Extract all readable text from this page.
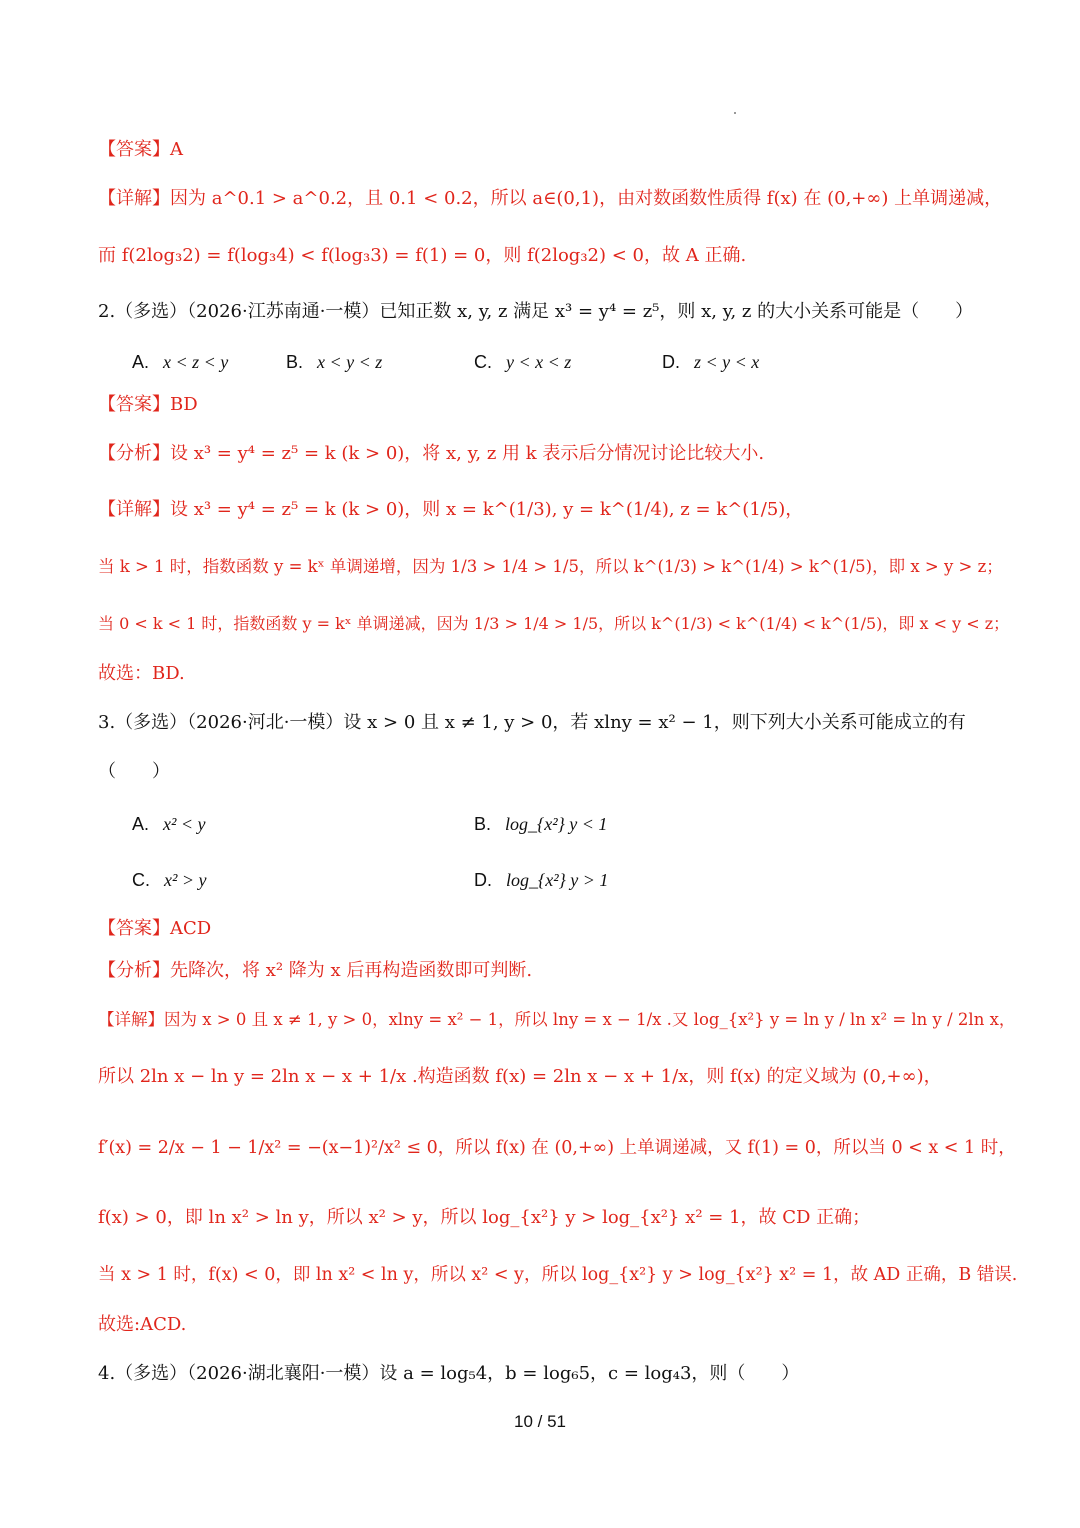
【答案】A
【详解】因为 a^0.1 > a^0.2，且 0.1 < 0.2，所以 a∈(0,1)，由对数函数性质得 f(x) 在 (0,+∞) 上单调递减，
而 f(2log₃2) = f(log₃4) < f(log₃3) = f(1) = 0，则 f(2log₃2) < 0，故 A 正确.
2.（多选）（2026·江苏南通·一模）已知正数 x, y, z 满足 x³ = y⁴ = z⁵，则 x, y, z 的大小关系可能是（　　）
A. x < z < y	B. x < y < z	C. y < x < z	D. z < y < x
【答案】BD
【分析】设 x³ = y⁴ = z⁵ = k (k > 0)，将 x, y, z 用 k 表示后分情况讨论比较大小.
【详解】设 x³ = y⁴ = z⁵ = k (k > 0)，则 x = k^(1/3), y = k^(1/4), z = k^(1/5)，
当 k > 1 时，指数函数 y = kˣ 单调递增，因为 1/3 > 1/4 > 1/5，所以 k^(1/3) > k^(1/4) > k^(1/5)，即 x > y > z；
当 0 < k < 1 时，指数函数 y = kˣ 单调递减，因为 1/3 > 1/4 > 1/5，所以 k^(1/3) < k^(1/4) < k^(1/5)，即 x < y < z；
故选：BD.
3.（多选）（2026·河北·一模）设 x > 0 且 x ≠ 1, y > 0，若 xlny = x² − 1，则下列大小关系可能成立的有
（　　）
A. x² < y	B. log_{x²} y < 1
C. x² > y	D. log_{x²} y > 1
【答案】ACD
【分析】先降次，将 x² 降为 x 后再构造函数即可判断.
【详解】因为 x > 0 且 x ≠ 1, y > 0，xlny = x² − 1，所以 lny = x − 1/x .又 log_{x²} y = ln y / ln x² = ln y / 2ln x，
所以 2ln x − ln y = 2ln x − x + 1/x .构造函数 f(x) = 2ln x − x + 1/x，则 f(x) 的定义域为 (0,+∞)，
f′(x) = 2/x − 1 − 1/x² = −(x−1)²/x² ≤ 0，所以 f(x) 在 (0,+∞) 上单调递减，又 f(1) = 0，所以当 0 < x < 1 时，
f(x) > 0，即 ln x² > ln y，所以 x² > y，所以 log_{x²} y > log_{x²} x² = 1，故 CD 正确；
当 x > 1 时，f(x) < 0，即 ln x² < ln y，所以 x² < y，所以 log_{x²} y > log_{x²} x² = 1，故 AD 正确，B 错误.
故选:ACD.
4.（多选）（2026·湖北襄阳·一模）设 a = log₅4，b = log₆5，c = log₄3，则（　　）
10 / 51
